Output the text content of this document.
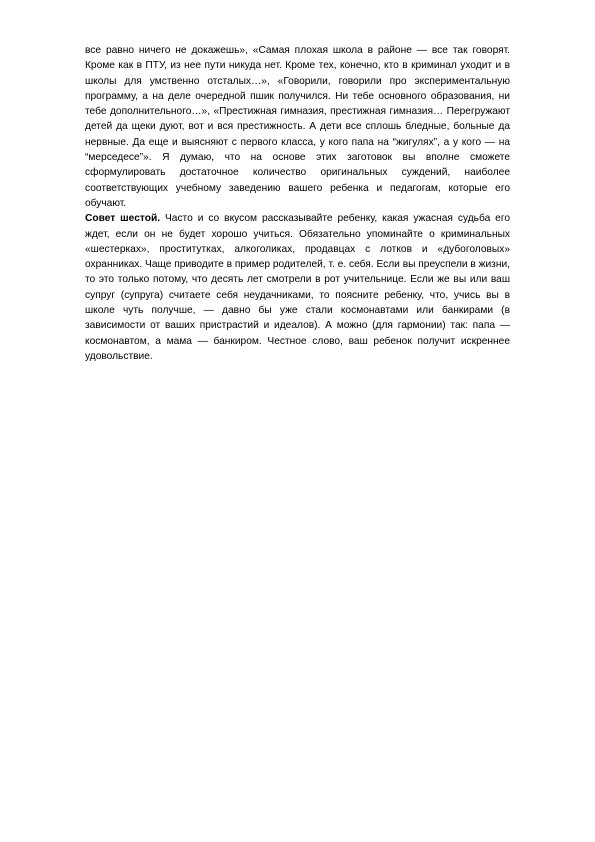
все равно ничего не докажешь», «Самая плохая школа в районе — все так говорят. Кроме как в ПТУ, из нее пути никуда нет. Кроме тех, конечно, кто в криминал уходит и в школы для умственно отсталых…», «Говорили, говорили про экспериментальную программу, а на деле очередной пшик получился. Ни тебе основного образования, ни тебе дополнительного…», «Престижная гимназия, престижная гимназия… Перегружают детей да щеки дуют, вот и вся престижность. А дети все сплошь бледные, больные да нервные. Да еще и выясняют с первого класса, у кого папа на “жигулях”, а у кого — на “мерседесе”». Я думаю, что на основе этих заготовок вы вполне сможете сформулировать достаточное количество оригинальных суждений, наиболее соответствующих учебному заведению вашего ребенка и педагогам, которые его обучают.

Совет шестой. Часто и со вкусом рассказывайте ребенку, какая ужасная судьба его ждет, если он не будет хорошо учиться. Обязательно упоминайте о криминальных «шестерках», проститутках, алкоголиках, продавцах с лотков и «дубоголовых» охранниках. Чаще приводите в пример родителей, т. е. себя. Если вы преуспели в жизни, то это только потому, что десять лет смотрели в рот учительнице. Если же вы или ваш супруг (супруга) считаете себя неудачниками, то поясните ребенку, что, учись вы в школе чуть получше, — давно бы уже стали космонавтами или банкирами (в зависимости от ваших пристрастий и идеалов). А можно (для гармонии) так: папа — космонавтом, а мама — банкиром. Честное слово, ваш ребенок получит искреннее удовольствие.
